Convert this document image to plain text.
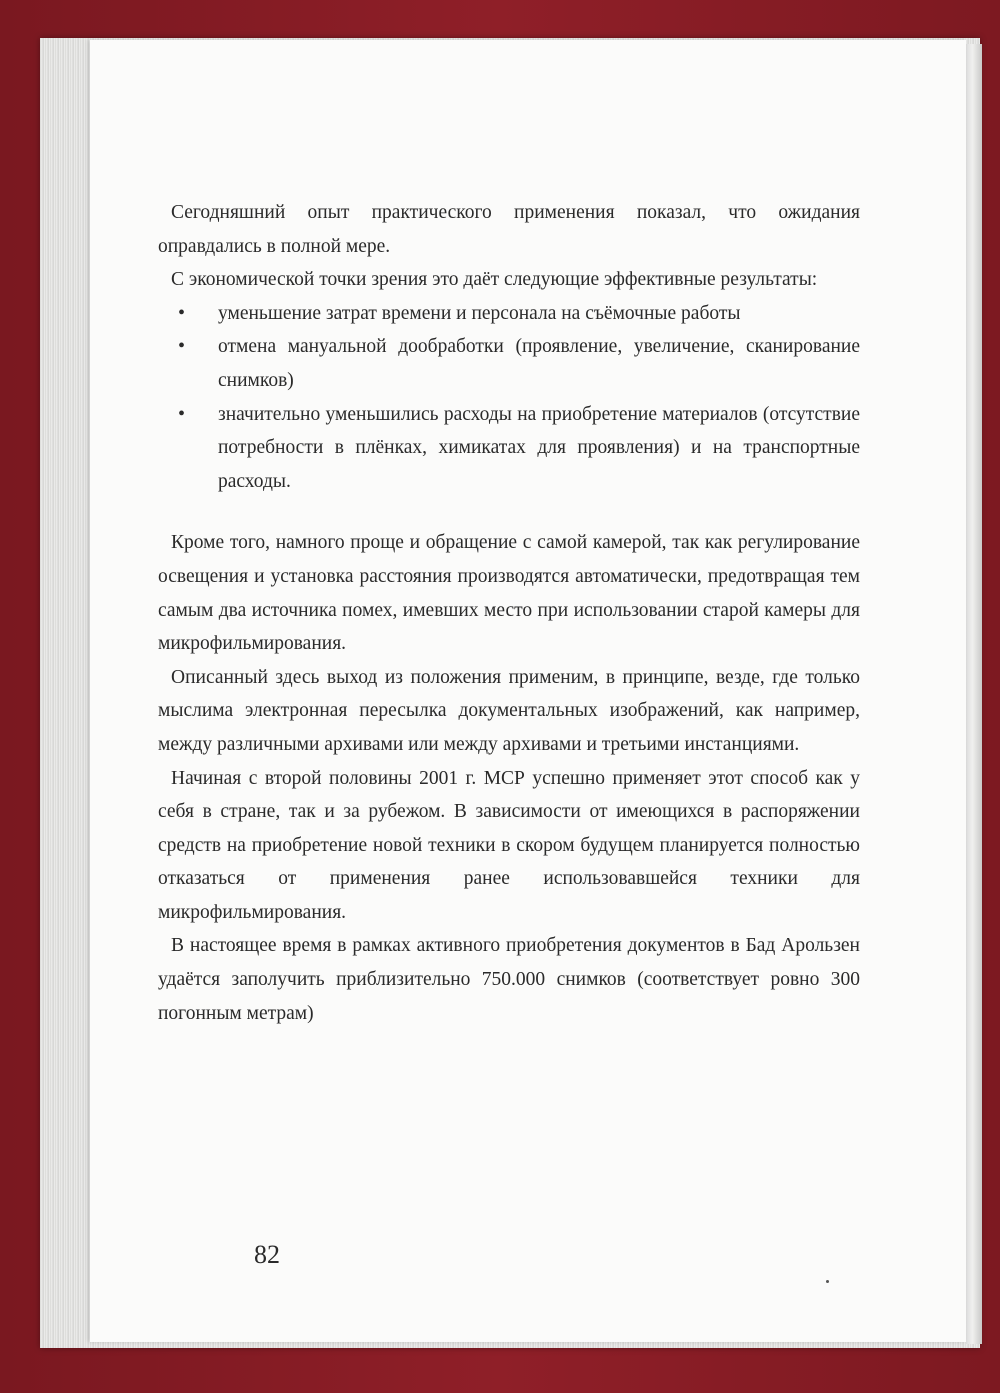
Сегодняшний опыт практического применения показал, что ожидания оправдались в полной мере.

С экономической точки зрения это даёт следующие эффективные результаты:

• уменьшение затрат времени и персонала на съёмочные работы
• отмена мануальной дообработки (проявление, увеличение, сканирование снимков)
• значительно уменьшились расходы на приобретение материалов (отсутствие потребности в плёнках, химикатах для проявления) и на транспортные расходы.

Кроме того, намного проще и обращение с самой камерой, так как регулирование освещения и установка расстояния производятся автоматически, предотвращая тем самым два источника помех, имевших место при использовании старой камеры для микрофильмирования.

Описанный здесь выход из положения применим, в принципе, везде, где только мыслима электронная пересылка документальных изображений, как например, между различными архивами или между архивами и третьими инстанциями.

Начиная с второй половины 2001 г. МСР успешно применяет этот способ как у себя в стране, так и за рубежом. В зависимости от имеющихся в распоряжении средств на приобретение новой техники в скором будущем планируется полностью отказаться от применения ранее использовавшейся техники для микрофильмирования.

В настоящее время в рамках активного приобретения документов в Бад Арользен удаётся заполучить приблизительно 750.000 снимков (соответствует ровно 300 погонным метрам)

82
